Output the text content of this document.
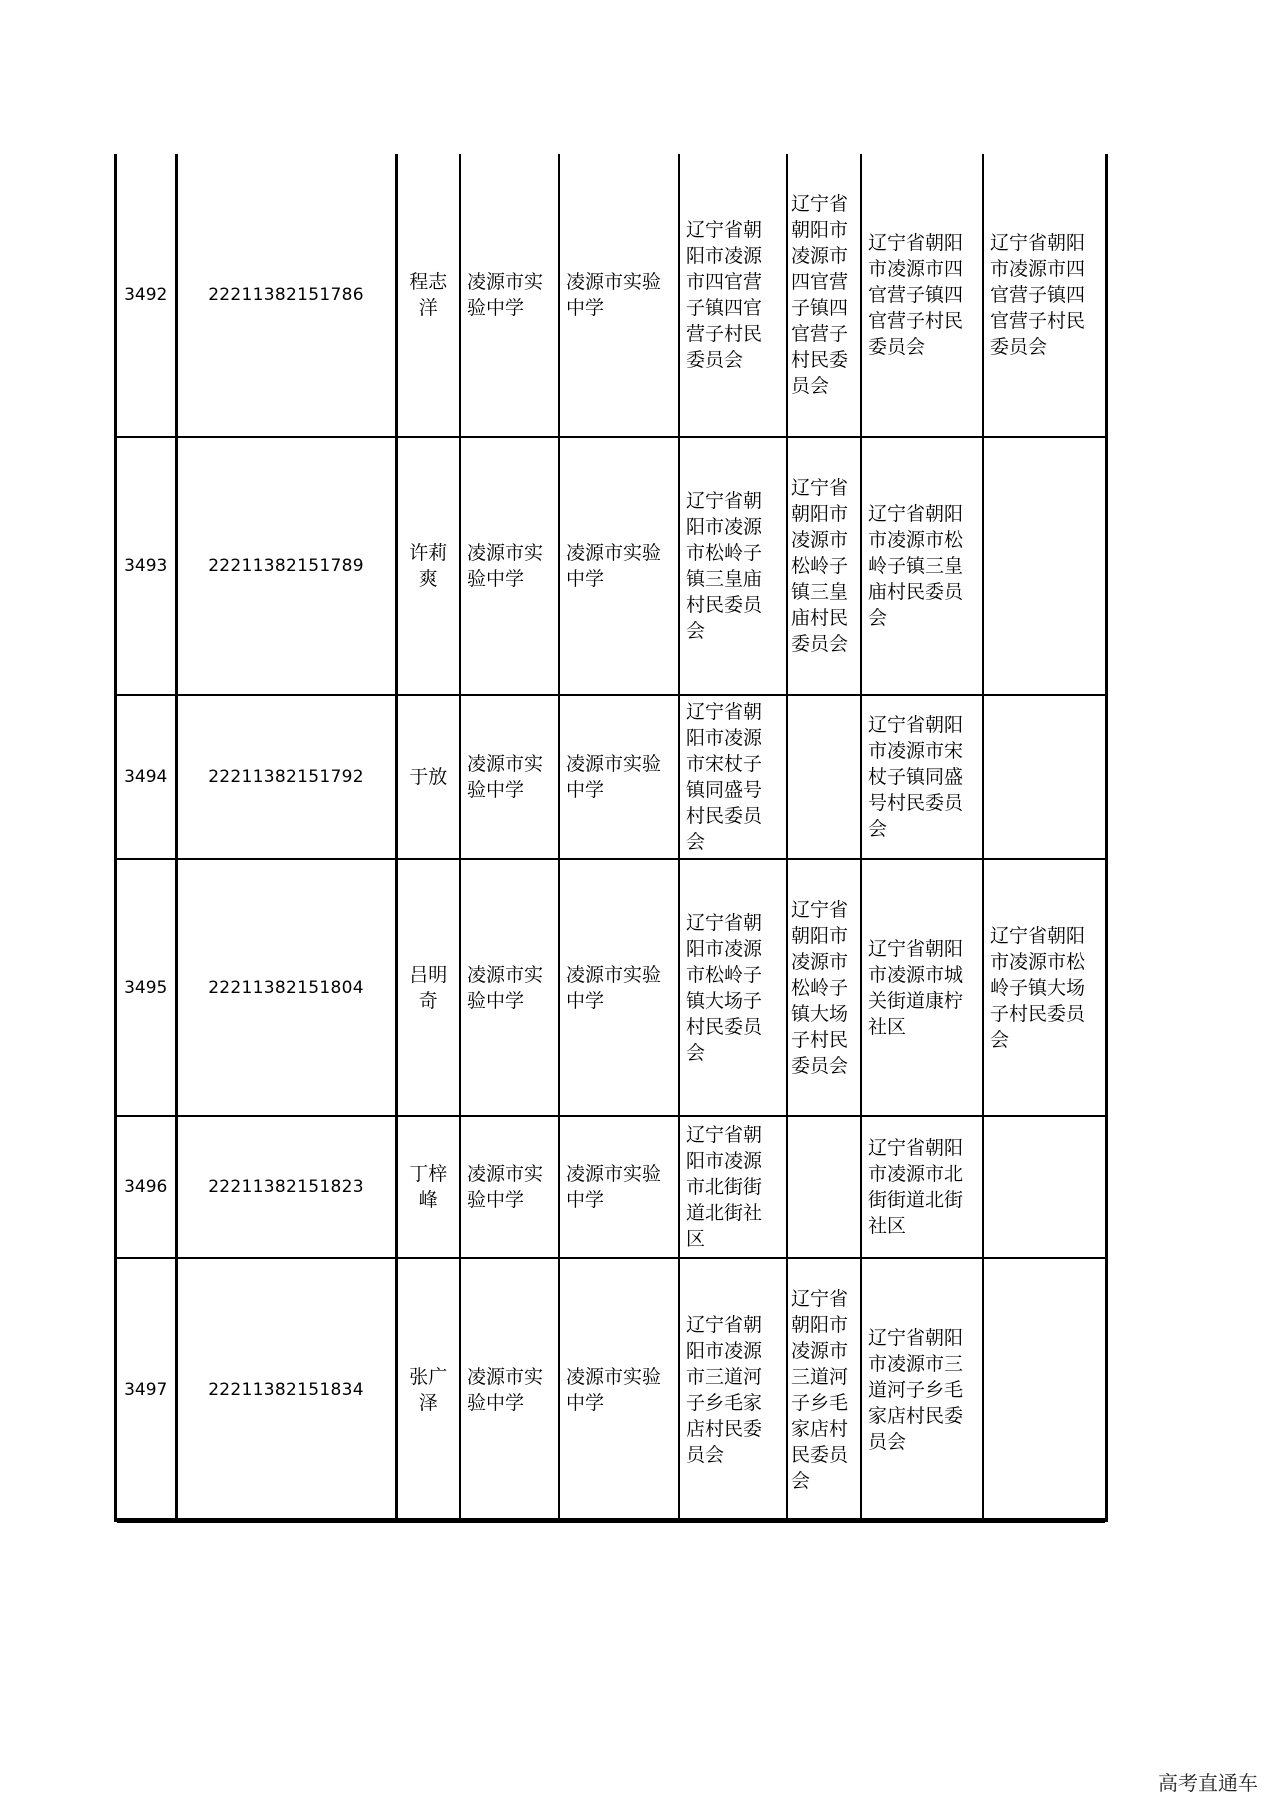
3492	22211382151786	程志洋	凌源市实验中学	凌源市实验中学	辽宁省朝阳市凌源市四官营子镇四官营子村民委员会	辽宁省朝阳市凌源市四官营子镇四官营子村民委员会	辽宁省朝阳市凌源市四官营子镇四官营子村民委员会	辽宁省朝阳市凌源市四官营子镇四官营子村民委员会
3493	22211382151789	许莉爽	凌源市实验中学	凌源市实验中学	辽宁省朝阳市凌源市松岭子镇三皇庙村民委员会	辽宁省朝阳市凌源市松岭子镇三皇庙村民委员会	辽宁省朝阳市凌源市松岭子镇三皇庙村民委员会	
3494	22211382151792	于放	凌源市实验中学	凌源市实验中学	辽宁省朝阳市凌源市宋杖子镇同盛号村民委员会		辽宁省朝阳市凌源市宋杖子镇同盛号村民委员会	
3495	22211382151804	吕明奇	凌源市实验中学	凌源市实验中学	辽宁省朝阳市凌源市松岭子镇大场子村民委员会	辽宁省朝阳市凌源市松岭子镇大场子村民委员会	辽宁省朝阳市凌源市城关街道康柠社区	辽宁省朝阳市凌源市松岭子镇大场子村民委员会
3496	22211382151823	丁梓峰	凌源市实验中学	凌源市实验中学	辽宁省朝阳市凌源市北街街道北街社区		辽宁省朝阳市凌源市北街街道北街社区	
3497	22211382151834	张广泽	凌源市实验中学	凌源市实验中学	辽宁省朝阳市凌源市三道河子乡毛家店村民委员会	辽宁省朝阳市凌源市三道河子乡毛家店村民委员会	辽宁省朝阳市凌源市三道河子乡毛家店村民委员会	
高考直通车
